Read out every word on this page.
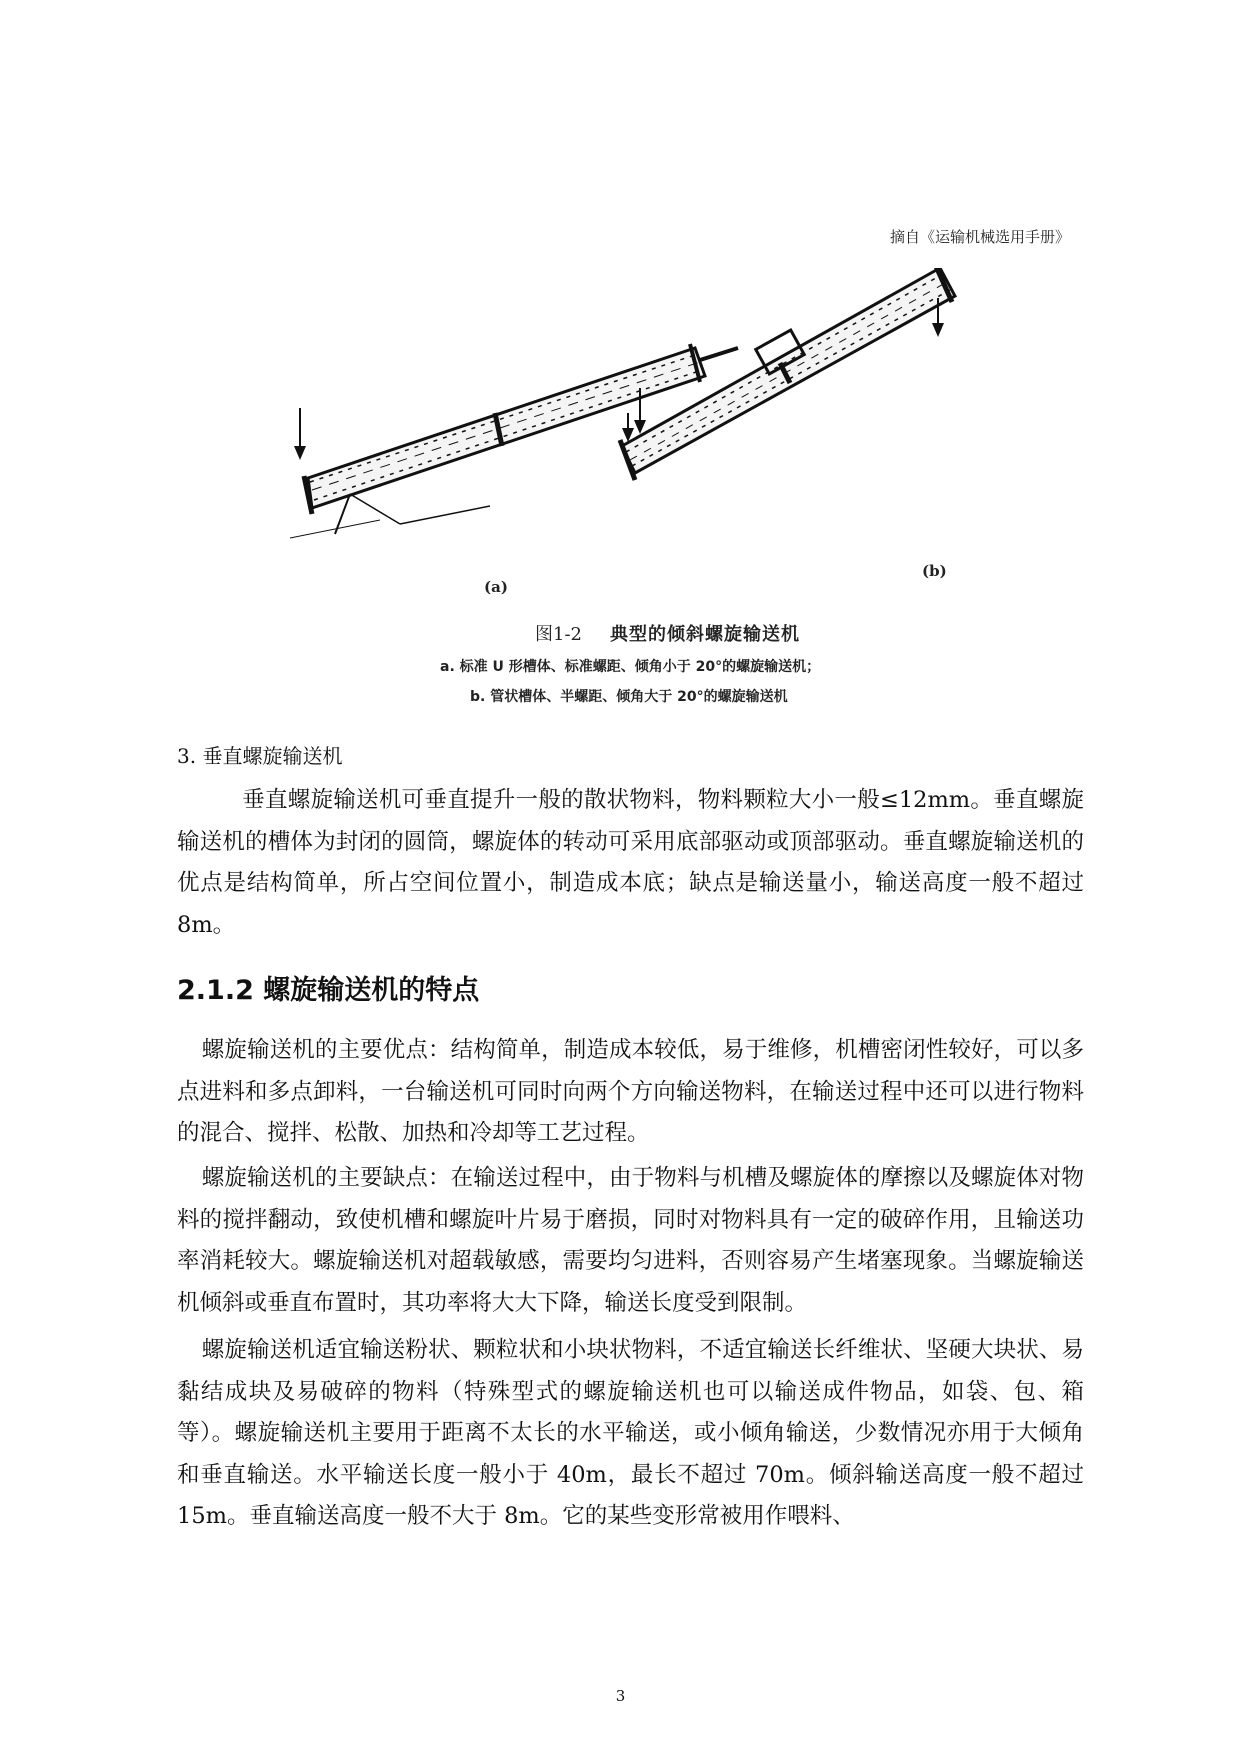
摘自《运输机械选用手册》
(a)
(b)
图1-2 典型的倾斜螺旋输送机
a. 标准 U 形槽体、标准螺距、倾角小于 20°的螺旋输送机；
b. 管状槽体、半螺距、倾角大于 20°的螺旋输送机
3. 垂直螺旋输送机

垂直螺旋输送机可垂直提升一般的散状物料，物料颗粒大小一般≤12mm。垂直螺旋输送机的槽体为封闭的圆筒，螺旋体的转动可采用底部驱动或顶部驱动。垂直螺旋输送机的优点是结构简单，所占空间位置小，制造成本底；缺点是输送量小，输送高度一般不超过 8m。

2.1.2 螺旋输送机的特点

螺旋输送机的主要优点：结构简单，制造成本较低，易于维修，机槽密闭性较好，可以多点进料和多点卸料，一台输送机可同时向两个方向输送物料，在输送过程中还可以进行物料的混合、搅拌、松散、加热和冷却等工艺过程。

螺旋输送机的主要缺点：在输送过程中，由于物料与机槽及螺旋体的摩擦以及螺旋体对物料的搅拌翻动，致使机槽和螺旋叶片易于磨损，同时对物料具有一定的破碎作用，且输送功率消耗较大。螺旋输送机对超载敏感，需要均匀进料，否则容易产生堵塞现象。当螺旋输送机倾斜或垂直布置时，其功率将大大下降，输送长度受到限制。

螺旋输送机适宜输送粉状、颗粒状和小块状物料，不适宜输送长纤维状、坚硬大块状、易黏结成块及易破碎的物料（特殊型式的螺旋输送机也可以输送成件物品，如袋、包、箱等）。螺旋输送机主要用于距离不太长的水平输送，或小倾角输送，少数情况亦用于大倾角和垂直输送。水平输送长度一般小于 40m，最长不超过 70m。倾斜输送高度一般不超过 15m。垂直输送高度一般不大于 8m。它的某些变形常被用作喂料、

3
